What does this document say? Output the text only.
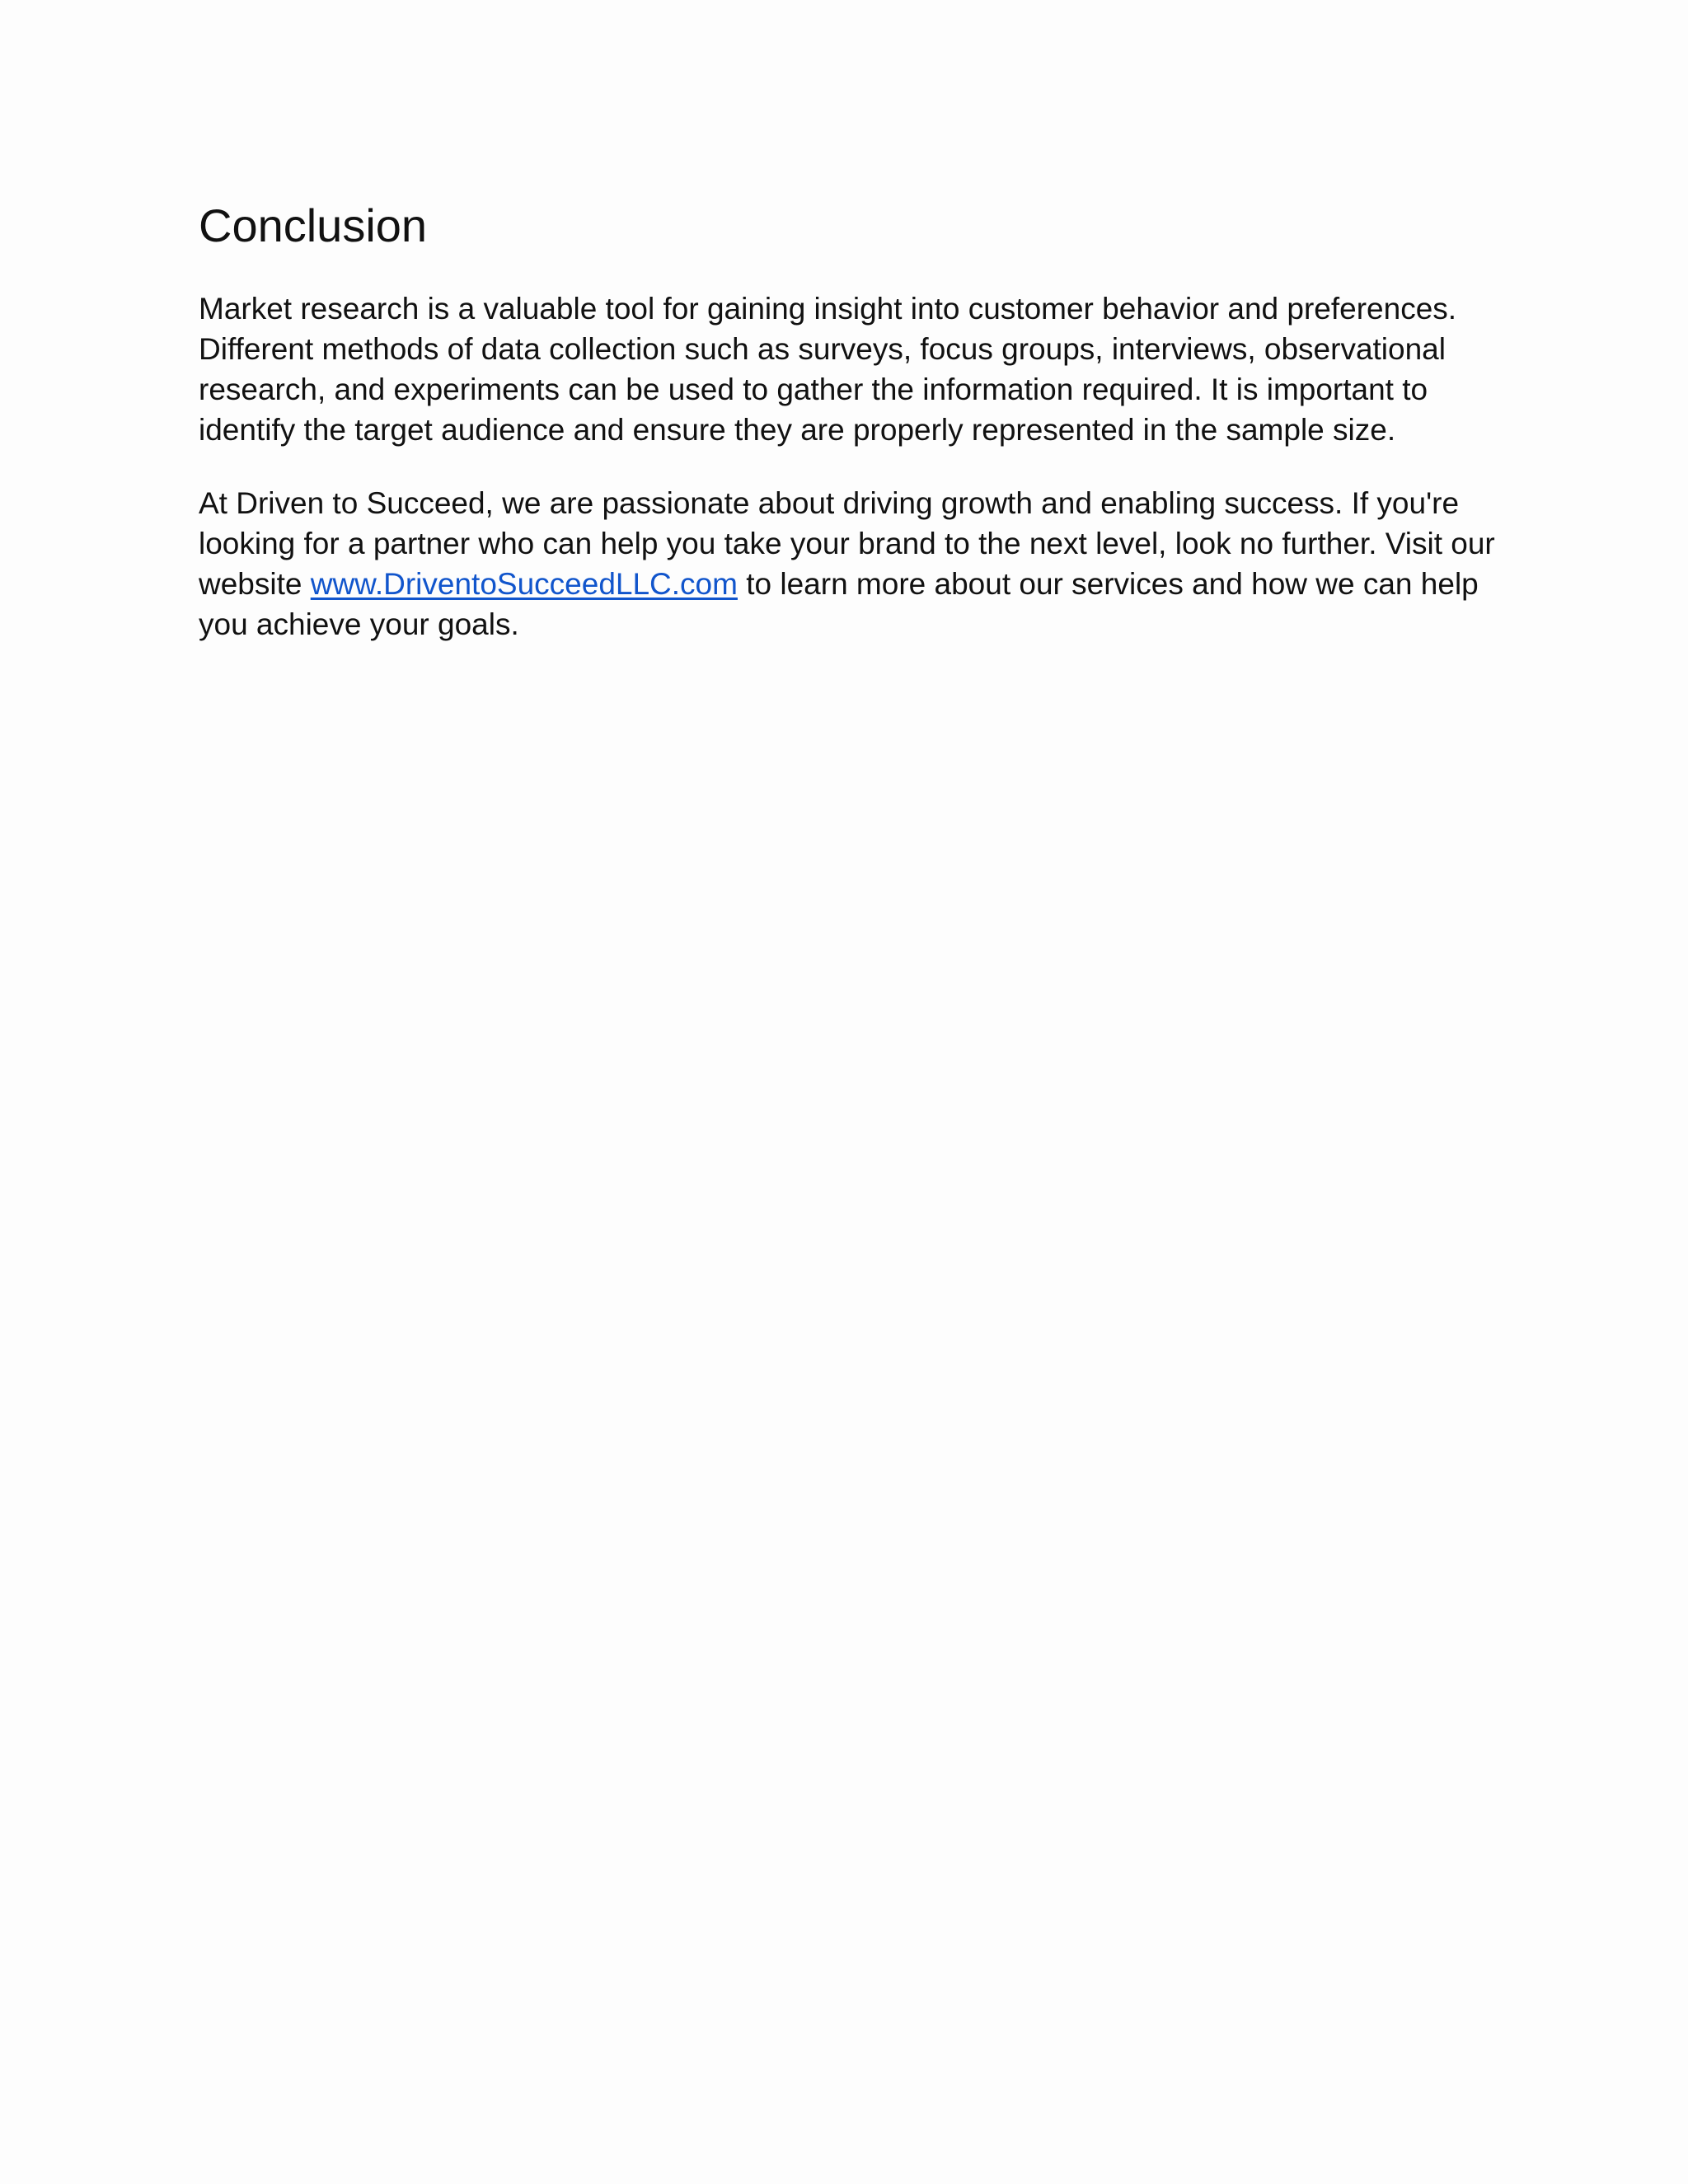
Conclusion

Market research is a valuable tool for gaining insight into customer behavior and preferences. Different methods of data collection such as surveys, focus groups, interviews, observational research, and experiments can be used to gather the information required. It is important to identify the target audience and ensure they are properly represented in the sample size.

At Driven to Succeed, we are passionate about driving growth and enabling success. If you're looking for a partner who can help you take your brand to the next level, look no further. Visit our website www.DriventoSucceedLLC.com to learn more about our services and how we can help you achieve your goals.
